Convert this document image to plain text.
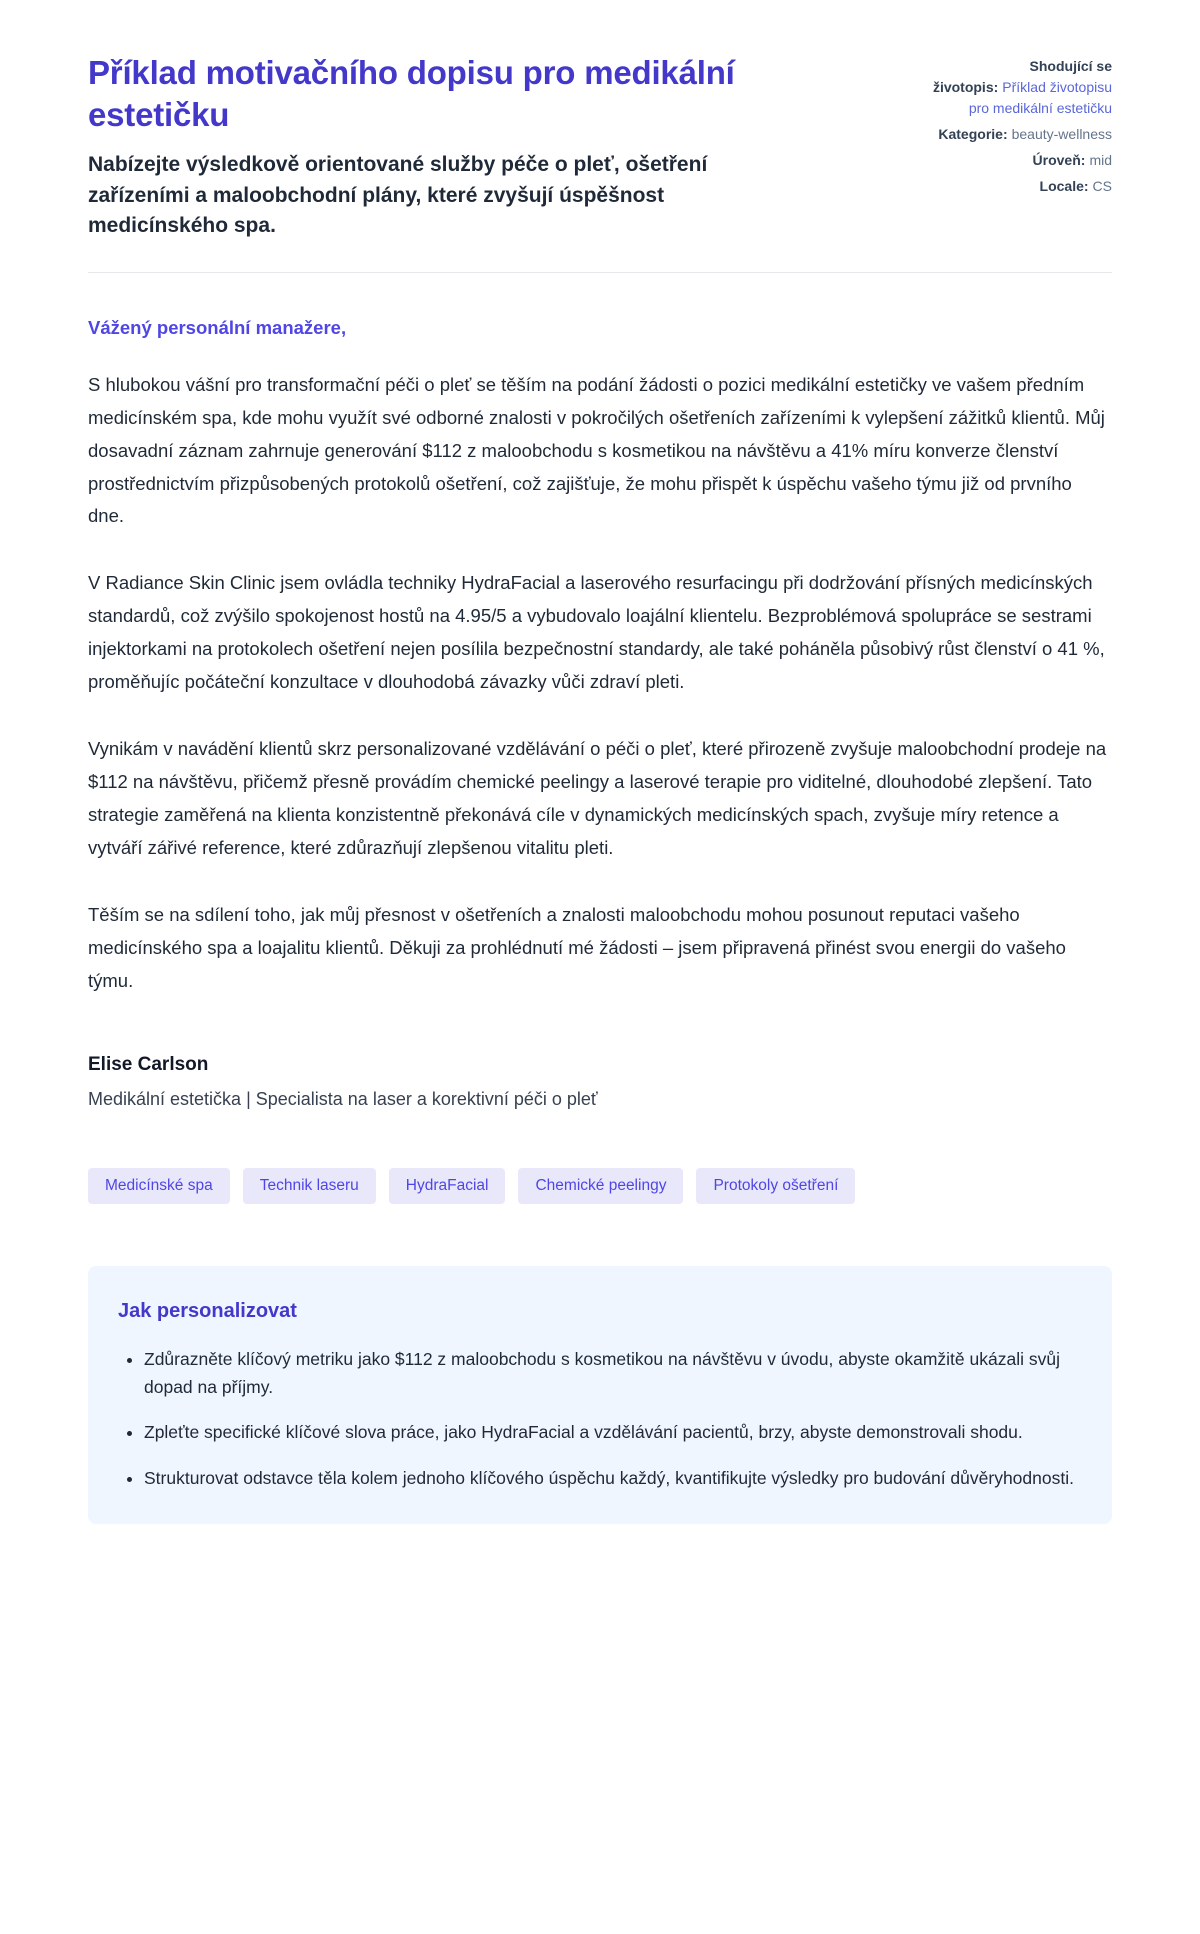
Příklad motivačního dopisu pro medikální estetičku

Nabízejte výsledkově orientované služby péče o pleť, ošetření zařízeními a maloobchodní plány, které zvyšují úspěšnost medicínského spa.

Shodující se životopis: Příklad životopisu pro medikální estetičku
Kategorie: beauty-wellness
Úroveň: mid
Locale: CS

Vážený personální manažere,

S hlubokou vášní pro transformační péči o pleť se těším na podání žádosti o pozici medikální estetičky ve vašem předním medicínském spa, kde mohu využít své odborné znalosti v pokročilých ošetřeních zařízeními k vylepšení zážitků klientů. Můj dosavadní záznam zahrnuje generování $112 z maloobchodu s kosmetikou na návštěvu a 41% míru konverze členství prostřednictvím přizpůsobených protokolů ošetření, což zajišťuje, že mohu přispět k úspěchu vašeho týmu již od prvního dne.

V Radiance Skin Clinic jsem ovládla techniky HydraFacial a laserového resurfacingu při dodržování přísných medicínských standardů, což zvýšilo spokojenost hostů na 4.95/5 a vybudovalo loajální klientelu. Bezproblémová spolupráce se sestrami injektorkami na protokolech ošetření nejen posílila bezpečnostní standardy, ale také poháněla působivý růst členství o 41 %, proměňujíc počáteční konzultace v dlouhodobá závazky vůči zdraví pleti.

Vynikám v navádění klientů skrz personalizované vzdělávání o péči o pleť, které přirozeně zvyšuje maloobchodní prodeje na $112 na návštěvu, přičemž přesně provádím chemické peelingy a laserové terapie pro viditelné, dlouhodobé zlepšení. Tato strategie zaměřená na klienta konzistentně překonává cíle v dynamických medicínských spach, zvyšuje míry retence a vytváří zářivé reference, které zdůrazňují zlepšenou vitalitu pleti.

Těším se na sdílení toho, jak můj přesnost v ošetřeních a znalosti maloobchodu mohou posunout reputaci vašeho medicínského spa a loajalitu klientů. Děkuji za prohlédnutí mé žádosti – jsem připravená přinést svou energii do vašeho týmu.

Elise Carlson

Medikální estetička | Specialista na laser a korektivní péči o pleť

Medicínské spa	Technik laseru	HydraFacial	Chemické peelingy	Protokoly ošetření
Jak personalizovat
• Zdůrazněte klíčový metriku jako $112 z maloobchodu s kosmetikou na návštěvu v úvodu, abyste okamžitě ukázali svůj dopad na příjmy.
• Zpleťte specifické klíčové slova práce, jako HydraFacial a vzdělávání pacientů, brzy, abyste demonstrovali shodu.
• Strukturovat odstavce těla kolem jednoho klíčového úspěchu každý, kvantifikujte výsledky pro budování důvěryhodnosti.
